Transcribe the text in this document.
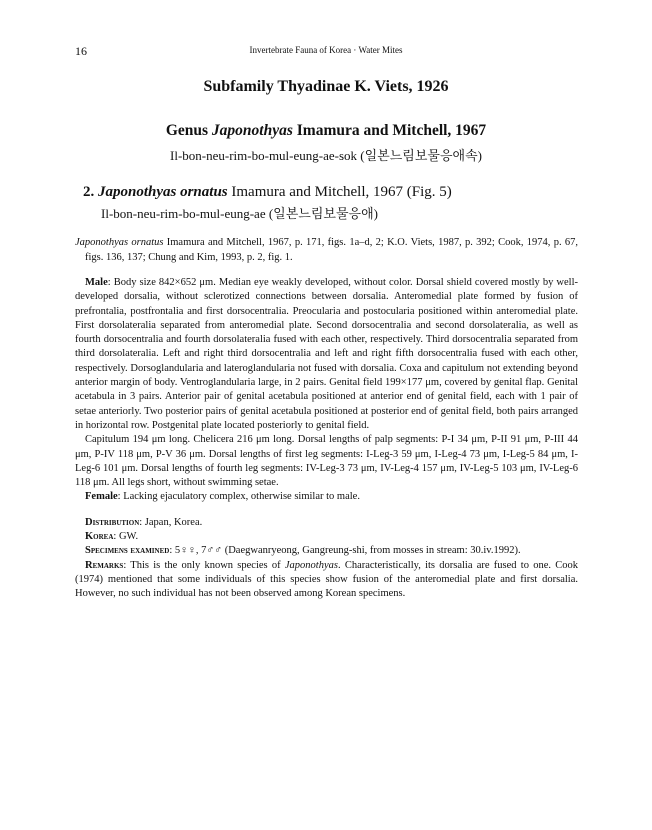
16	Invertebrate Fauna of Korea · Water Mites
Subfamily Thyadinae K. Viets, 1926
Genus Japonothyas Imamura and Mitchell, 1967
Il-bon-neu-rim-bo-mul-eung-ae-sok (일본느림보물응애속)
2. Japonothyas ornatus Imamura and Mitchell, 1967 (Fig. 5)
Il-bon-neu-rim-bo-mul-eung-ae (일본느림보물응애)

Japonothyas ornatus Imamura and Mitchell, 1967, p. 171, figs. 1a–d, 2; K.O. Viets, 1987, p. 392; Cook, 1974, p. 67, figs. 136, 137; Chung and Kim, 1993, p. 2, fig. 1.

Male: Body size 842×652 μm. Median eye weakly developed, without color. Dorsal shield covered mostly by well-developed dorsalia, without sclerotized connections between dorsalia. Anteromedial plate formed by fusion of prefrontalia, postfrontalia and first dorsocentralia. Preocularia and postocularia positioned within anteromedial plate. First dorsolateralia separated from anteromedial plate. Second dorsocentralia and second dorsolateralia, as well as fourth dorsocentralia and fourth dorsolateralia fused with each other, respectively. Third dorsocentralia separated from third dorsolateralia. Left and right third dorsocentralia and left and right fifth dorsocentralia fused with each other, respectively. Dorsoglandularia and lateroglandularia not fused with dorsalia. Coxa and capitulum not extending beyond anterior margin of body. Ventroglandularia large, in 2 pairs. Genital field 199×177 μm, covered by genital flap. Genital acetabula in 3 pairs. Anterior pair of genital acetabula positioned at anterior end of genital field, each with 1 pair of setae anteriorly. Two posterior pairs of genital acetabula positioned at posterior end of genital field, both pairs arranged in horizontal row. Postgenital plate located posteriorly to genital field.

Capitulum 194 μm long. Chelicera 216 μm long. Dorsal lengths of palp segments: P-I 34 μm, P-II 91 μm, P-III 44 μm, P-IV 118 μm, P-V 36 μm. Dorsal lengths of first leg segments: I-Leg-3 59 μm, I-Leg-4 73 μm, I-Leg-5 84 μm, I-Leg-6 101 μm. Dorsal lengths of fourth leg segments: IV-Leg-3 73 μm, IV-Leg-4 157 μm, IV-Leg-5 103 μm, IV-Leg-6 118 μm. All legs short, without swimming setae.

Female: Lacking ejaculatory complex, otherwise similar to male.

Distribution: Japan, Korea.

Korea: GW.

Specimens examined: 5♀♀, 7♂♂ (Daegwanryeong, Gangreung-shi, from mosses in stream: 30.iv.1992).

Remarks: This is the only known species of Japonothyas. Characteristically, its dorsalia are fused to one. Cook (1974) mentioned that some individuals of this species show fusion of the anteromedial plate and first dorsalia. However, no such individual has not been observed among Korean specimens.
